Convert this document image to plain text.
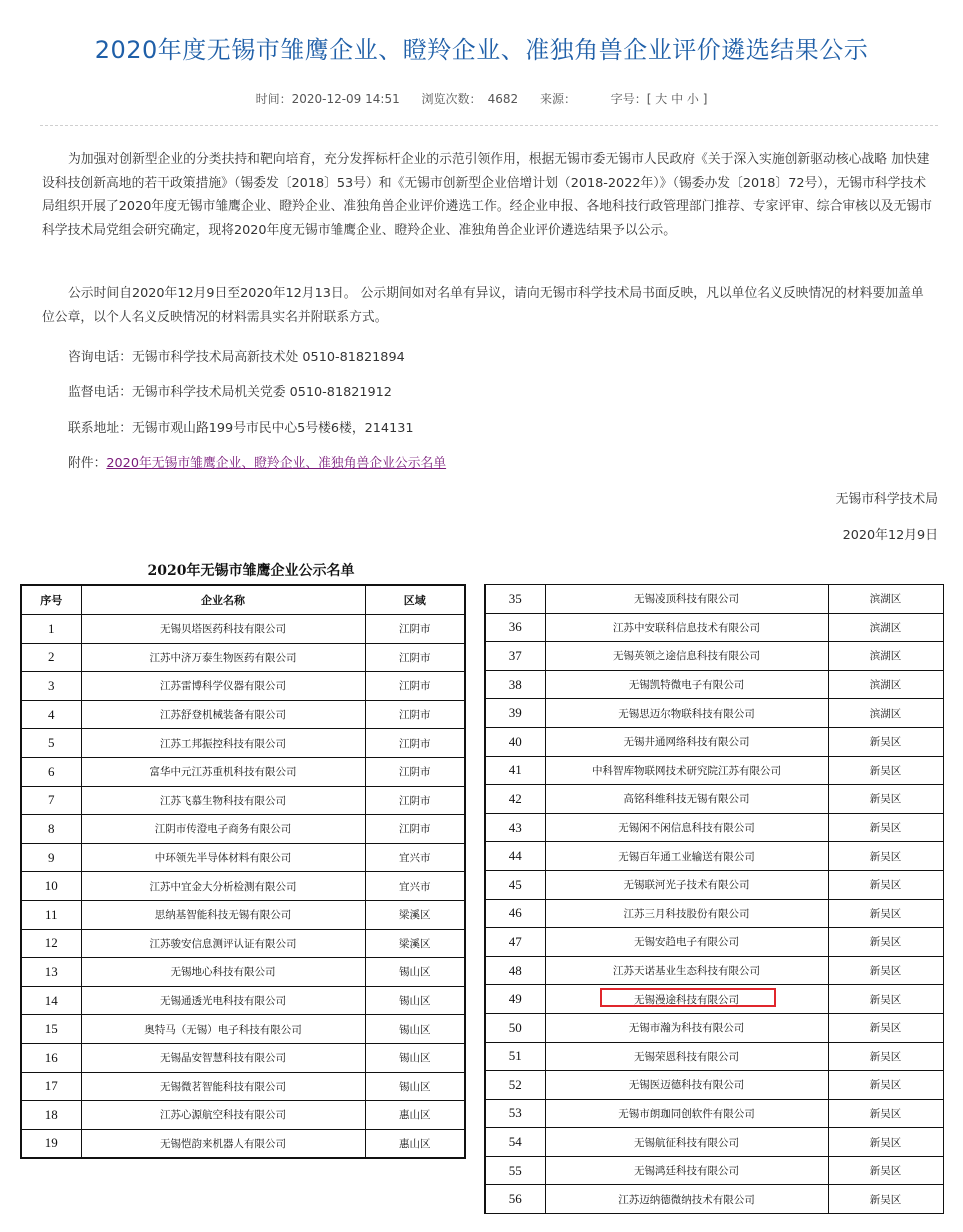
2020年度无锡市雏鹰企业、瞪羚企业、准独角兽企业评价遴选结果公示
时间：2020-12-09 14:51 浏览次数： 4682 来源：	字号：[ 大 中 小 ]
为加强对创新型企业的分类扶持和靶向培育，充分发挥标杆企业的示范引领作用，根据无锡市委无锡市人民政府《关于深入实施创新驱动核心战略 加快建设科技创新高地的若干政策措施》（锡委发〔2018〕53号）和《无锡市创新型企业倍增计划（2018-2022年）》（锡委办发〔2018〕72号），无锡市科学技术局组织开展了2020年度无锡市雏鹰企业、瞪羚企业、准独角兽企业评价遴选工作。经企业申报、各地科技行政管理部门推荐、专家评审、综合审核以及无锡市科学技术局党组会研究确定，现将2020年度无锡市雏鹰企业、瞪羚企业、准独角兽企业评价遴选结果予以公示。
公示时间自2020年12月9日至2020年12月13日。 公示期间如对名单有异议，请向无锡市科学技术局书面反映，凡以单位名义反映情况的材料要加盖单位公章，以个人名义反映情况的材料需具实名并附联系方式。
咨询电话：无锡市科学技术局高新技术处 0510-81821894
监督电话：无锡市科学技术局机关党委 0510-81821912
联系地址：无锡市观山路199号市民中心5号楼6楼，214131
附件：2020年无锡市雏鹰企业、瞪羚企业、准独角兽企业公示名单
无锡市科学技术局
2020年12月9日
2020年无锡市雏鹰企业公示名单
序号	企业名称	区域
1	无锡贝塔医药科技有限公司	江阴市
2	江苏中济万泰生物医药有限公司	江阴市
3	江苏雷博科学仪器有限公司	江阴市
4	江苏舒登机械装备有限公司	江阴市
5	江苏工邦振控科技有限公司	江阴市
6	富华中元江苏重机科技有限公司	江阴市
7	江苏飞慕生物科技有限公司	江阴市
8	江阴市传澄电子商务有限公司	江阴市
9	中环领先半导体材料有限公司	宜兴市
10	江苏中宜金大分析检测有限公司	宜兴市
11	思纳基智能科技无锡有限公司	梁溪区
12	江苏骏安信息测评认证有限公司	梁溪区
13	无锡地心科技有限公司	锡山区
14	无锡通透光电科技有限公司	锡山区
15	奥特马（无锡）电子科技有限公司	锡山区
16	无锡晶安智慧科技有限公司	锡山区
17	无锡微茗智能科技有限公司	锡山区
18	江苏心源航空科技有限公司	惠山区
19	无锡恺韵来机器人有限公司	惠山区
35	无锡凌顶科技有限公司	滨湖区
36	江苏中安联科信息技术有限公司	滨湖区
37	无锡英领之途信息科技有限公司	滨湖区
38	无锡凯特微电子有限公司	滨湖区
39	无锡思迈尔物联科技有限公司	滨湖区
40	无锡井通网络科技有限公司	新吴区
41	中科智库物联网技术研究院江苏有限公司	新吴区
42	高铭科维科技无锡有限公司	新吴区
43	无锡闲不闲信息科技有限公司	新吴区
44	无锡百年通工业输送有限公司	新吴区
45	无锡联河光子技术有限公司	新吴区
46	江苏三月科技股份有限公司	新吴区
47	无锡安趋电子有限公司	新吴区
48	江苏天诺基业生态科技有限公司	新吴区
49	无锡漫途科技有限公司	新吴区
50	无锡市瀚为科技有限公司	新吴区
51	无锡荣恩科技有限公司	新吴区
52	无锡医迈德科技有限公司	新吴区
53	无锡市朗珈同创软件有限公司	新吴区
54	无锡航征科技有限公司	新吴区
55	无锡鸿廷科技有限公司	新吴区
56	江苏迈纳德微纳技术有限公司	新吴区
